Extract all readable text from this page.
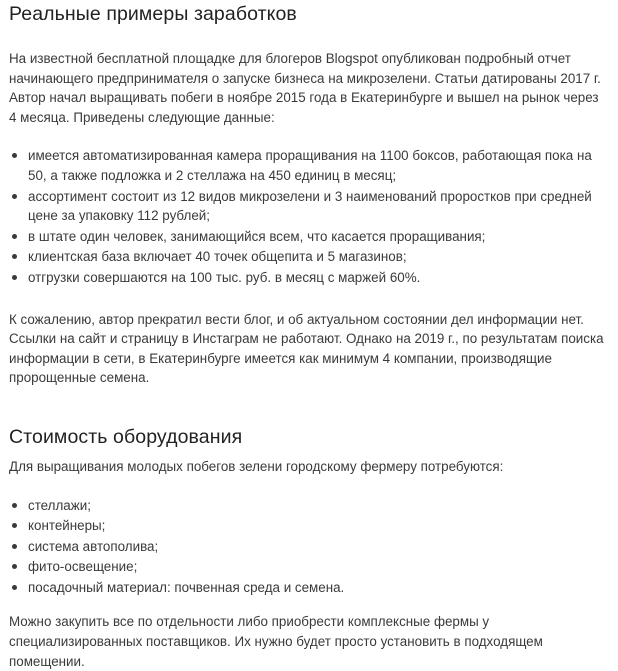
Реальные примеры заработков

На известной бесплатной площадке для блогеров Blogspot опубликован подробный отчет начинающего предпринимателя о запуске бизнеса на микрозелени. Статьи датированы 2017 г. Автор начал выращивать побеги в ноябре 2015 года в Екатеринбурге и вышел на рынок через 4 месяца. Приведены следующие данные:

имеется автоматизированная камера проращивания на 1100 боксов, работающая пока на 50, а также подложка и 2 стеллажа на 450 единиц в месяц;
ассортимент состоит из 12 видов микрозелени и 3 наименований проростков при средней цене за упаковку 112 рублей;
в штате один человек, занимающийся всем, что касается проращивания;
клиентская база включает 40 точек общепита и 5 магазинов;
отгрузки совершаются на 100 тыс. руб. в месяц с маржей 60%.

К сожалению, автор прекратил вести блог, и об актуальном состоянии дел информации нет. Ссылки на сайт и страницу в Инстаграм не работают. Однако на 2019 г., по результатам поиска информации в сети, в Екатеринбурге имеется как минимум 4 компании, производящие пророщенные семена.

Стоимость оборудования

Для выращивания молодых побегов зелени городскому фермеру потребуются:

стеллажи;
контейнеры;
система автополива;
фито-освещение;
посадочный материал: почвенная среда и семена.

Можно закупить все по отдельности либо приобрести комплексные фермы у специализированных поставщиков. Их нужно будет просто установить в подходящем помещении.
